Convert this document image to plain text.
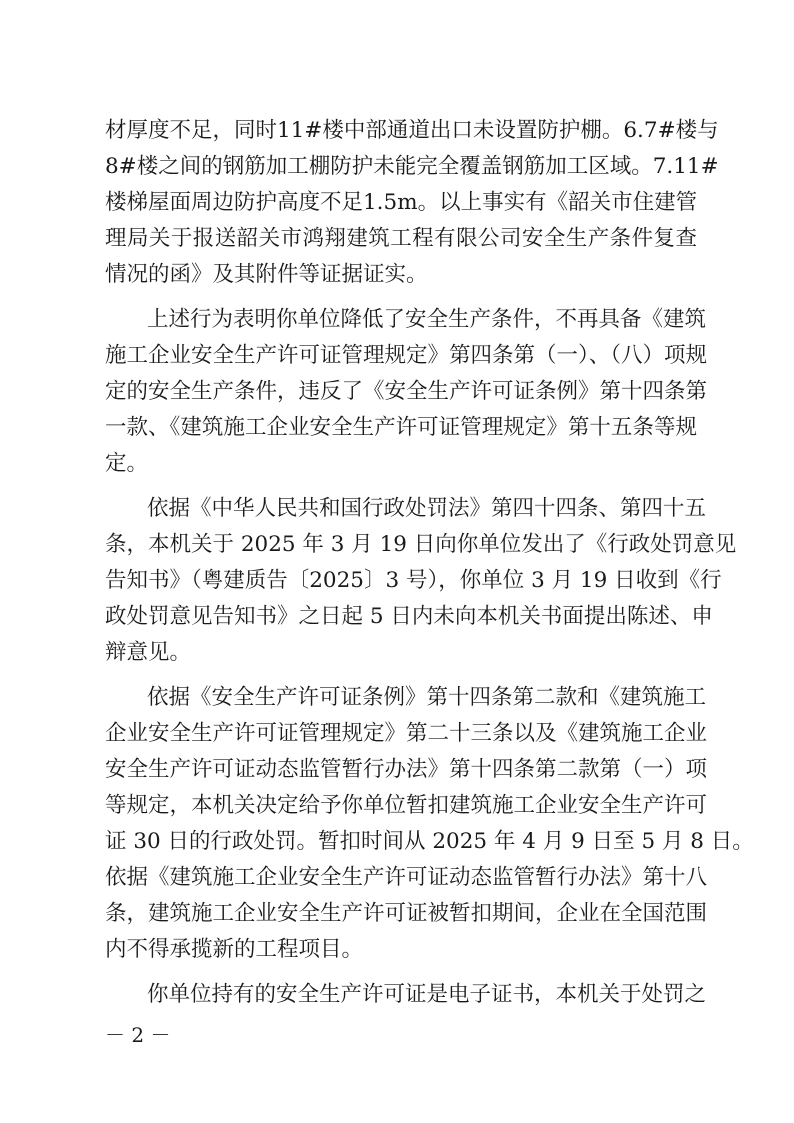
材厚度不足，同时11#楼中部通道出口未设置防护棚。6.7#楼与
8#楼之间的钢筋加工棚防护未能完全覆盖钢筋加工区域。7.11#
楼梯屋面周边防护高度不足1.5m。以上事实有《韶关市住建管
理局关于报送韶关市鸿翔建筑工程有限公司安全生产条件复查
情况的函》及其附件等证据证实。
上述行为表明你单位降低了安全生产条件，不再具备《建筑
施工企业安全生产许可证管理规定》第四条第（一）、（八）项规
定的安全生产条件，违反了《安全生产许可证条例》第十四条第
一款、《建筑施工企业安全生产许可证管理规定》第十五条等规
定。
依据《中华人民共和国行政处罚法》第四十四条、第四十五
条，本机关于 2025 年 3 月 19 日向你单位发出了《行政处罚意见
告知书》（粤建质告〔2025〕3 号），你单位 3 月 19 日收到《行
政处罚意见告知书》之日起 5 日内未向本机关书面提出陈述、申
辩意见。
依据《安全生产许可证条例》第十四条第二款和《建筑施工
企业安全生产许可证管理规定》第二十三条以及《建筑施工企业
安全生产许可证动态监管暂行办法》第十四条第二款第（一）项
等规定，本机关决定给予你单位暂扣建筑施工企业安全生产许可
证 30 日的行政处罚。暂扣时间从 2025 年 4 月 9 日至 5 月 8 日。
依据《建筑施工企业安全生产许可证动态监管暂行办法》第十八
条，建筑施工企业安全生产许可证被暂扣期间，企业在全国范围
内不得承揽新的工程项目。
你单位持有的安全生产许可证是电子证书，本机关于处罚之
－ 2 －
